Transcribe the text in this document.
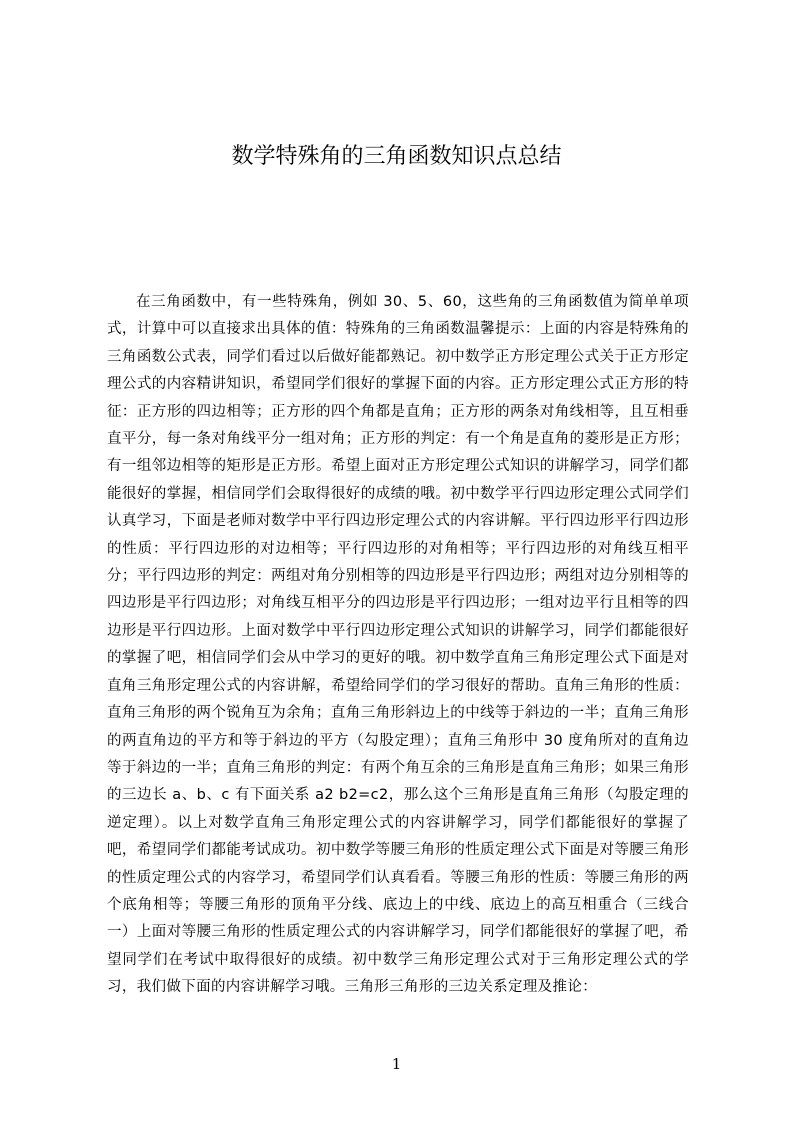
数学特殊角的三角函数知识点总结

在三角函数中，有一些特殊角，例如 30、5、60，这些角的三角函数值为简单单项式，计算中可以直接求出具体的值：特殊角的三角函数温馨提示：上面的内容是特殊角的三角函数公式表，同学们看过以后做好能都熟记。初中数学正方形定理公式关于正方形定理公式的内容精讲知识，希望同学们很好的掌握下面的内容。正方形定理公式正方形的特征：正方形的四边相等；正方形的四个角都是直角；正方形的两条对角线相等，且互相垂直平分，每一条对角线平分一组对角；正方形的判定：有一个角是直角的菱形是正方形；有一组邻边相等的矩形是正方形。希望上面对正方形定理公式知识的讲解学习，同学们都能很好的掌握，相信同学们会取得很好的成绩的哦。初中数学平行四边形定理公式同学们认真学习，下面是老师对数学中平行四边形定理公式的内容讲解。平行四边形平行四边形的性质：平行四边形的对边相等；平行四边形的对角相等；平行四边形的对角线互相平分；平行四边形的判定：两组对角分别相等的四边形是平行四边形；两组对边分别相等的四边形是平行四边形；对角线互相平分的四边形是平行四边形；一组对边平行且相等的四边形是平行四边形。上面对数学中平行四边形定理公式知识的讲解学习，同学们都能很好的掌握了吧，相信同学们会从中学习的更好的哦。初中数学直角三角形定理公式下面是对直角三角形定理公式的内容讲解，希望给同学们的学习很好的帮助。直角三角形的性质：直角三角形的两个锐角互为余角；直角三角形斜边上的中线等于斜边的一半；直角三角形的两直角边的平方和等于斜边的平方（勾股定理）；直角三角形中 30 度角所对的直角边等于斜边的一半；直角三角形的判定：有两个角互余的三角形是直角三角形；如果三角形的三边长 a、b、c 有下面关系 a2 b2=c2，那么这个三角形是直角三角形（勾股定理的逆定理）。以上对数学直角三角形定理公式的内容讲解学习，同学们都能很好的掌握了吧，希望同学们都能考试成功。初中数学等腰三角形的性质定理公式下面是对等腰三角形的性质定理公式的内容学习，希望同学们认真看看。等腰三角形的性质：等腰三角形的两个底角相等；等腰三角形的顶角平分线、底边上的中线、底边上的高互相重合（三线合一）上面对等腰三角形的性质定理公式的内容讲解学习，同学们都能很好的掌握了吧，希望同学们在考试中取得很好的成绩。初中数学三角形定理公式对于三角形定理公式的学习，我们做下面的内容讲解学习哦。三角形三角形的三边关系定理及推论：

1
